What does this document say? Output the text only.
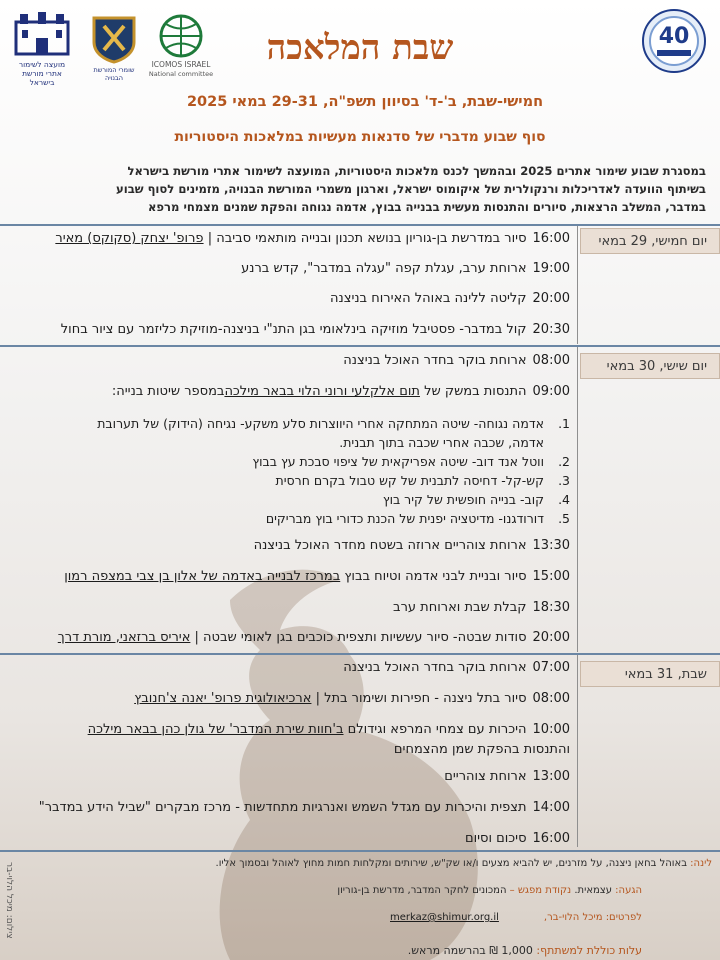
מועצה לשימור אתרי מורשת בישראל
שומרי המורשת הבנויה
ICOMOS ISRAEL
National committee
40
שבת המלאכה
חמישי-שבת, ב'-ד' בסיוון תשפ"ה, 29-31 במאי 2025
סוף שבוע מדברי של סדנאות מעשיות במלאכות היסטוריות
במסגרת שבוע שימור אתרים 2025 ובהמשך לכנס מלאכות היסטוריות, המועצה לשימור אתרי מורשת בישראל
בשיתוף הוועדה לאדריכלות ורנקולרית של איקומוס ישראל, וארגון משמרי המורשת הבנויה, מזמינים לסוף שבוע
במדבר, המשלב הרצאות, סיורים והתנסות מעשית בבנייה בבוץ, אדמה נגוחה והפקת שמנים מצמחי מרפא
יום חמישי, 29 במאי
16:00סיור במדרשת בן-גוריון בנושא תכנון ובנייה מותאמי סביבה | פרופ' יצחק (סקוקס) מאיר
19:00ארוחת ערב, עגלת קפה "עגלה במדבר", קדש ברנע
20:00קליטה ללינה באוהל האירוח בניצנה
20:30קול במדבר- פסטיבל מוזיקה בינלאומי בגן התנ"י בניצנה-מוזיקת כליזמר עם ציור בחול
יום שישי, 30 במאי
08:00ארוחת בוקר בחדר האוכל בניצנה
09:00התנסות במשק של תום אלקלעי ורוני הלוי בבאר מילכהבמספר שיטות בנייה:
1.
אדמה נגוחה- שיטה המתחקה אחרי היווצרות סלע משקע- נגיחה (הידוק) של תערובת
אדמה, שכבה אחרי שכבה בתוך תבנית.
2.
ווטל אנד דוב- שיטה אפריקאית של ציפוי סבכת עץ בבוץ
3.
קש-קל- דחיסה לתבנית של קש טבול בקרם חרסית
4.
קוב- בנייה חופשית של קיר בוץ
5.
דורודגנו- מדיטציה יפנית של הכנת כדורי בוץ מבריקים
13:30ארוחת צוהריים ארוזה בשטח מחדר האוכל בניצנה
15:00סיור ובניית לבני אדמה וטיוח בבוץ במרכז לבנייה באדמה של אלון בן צבי במצפה רמון
18:30קבלת שבת וארוחת ערב
20:00סודות שבטה- סיור עששיות ותצפית כוכבים בגן לאומי שבטה | איריס ברזאני, מורת דרך
שבת, 31 במאי
07:00ארוחת בוקר בחדר האוכל בניצנה
08:00סיור בתל ניצנה - חפירות ושימור בתל | ארכיאולוגית פרופ' יאנה צ'חנובץ
10:00היכרות עם צמחי המרפא וגידולם ב'חוות שירת המדבר' של גולן כהן בבאר מילכה
והתנסות בהפקת שמן מהצמחים
13:00ארוחת צוהריים
14:00תצפית והיכרות עם מגדל השמש ואנרגיות מתחדשות - מרכז מבקרים "שביל הידע במדבר"
16:00סיכום וסיום
לינה: באוהל בחאן ניצנה, על מזרנים, יש להביא מצעים ו/או שק"ש, שירותים ומקלחות חמות מחוץ לאוהל ובסמוך אליו.
הגעה: עצמאית. נקודת מפגש – המכונים לחקר המדבר, מדרשת בן-גוריון
לפרטים: מיכל הלוי-בר,
merkaz@shimur.org.il
עלות כוללת למשתתף: 1,000 ₪ בהרשמה מראש.
צילום: מיכל הלוי-בר
